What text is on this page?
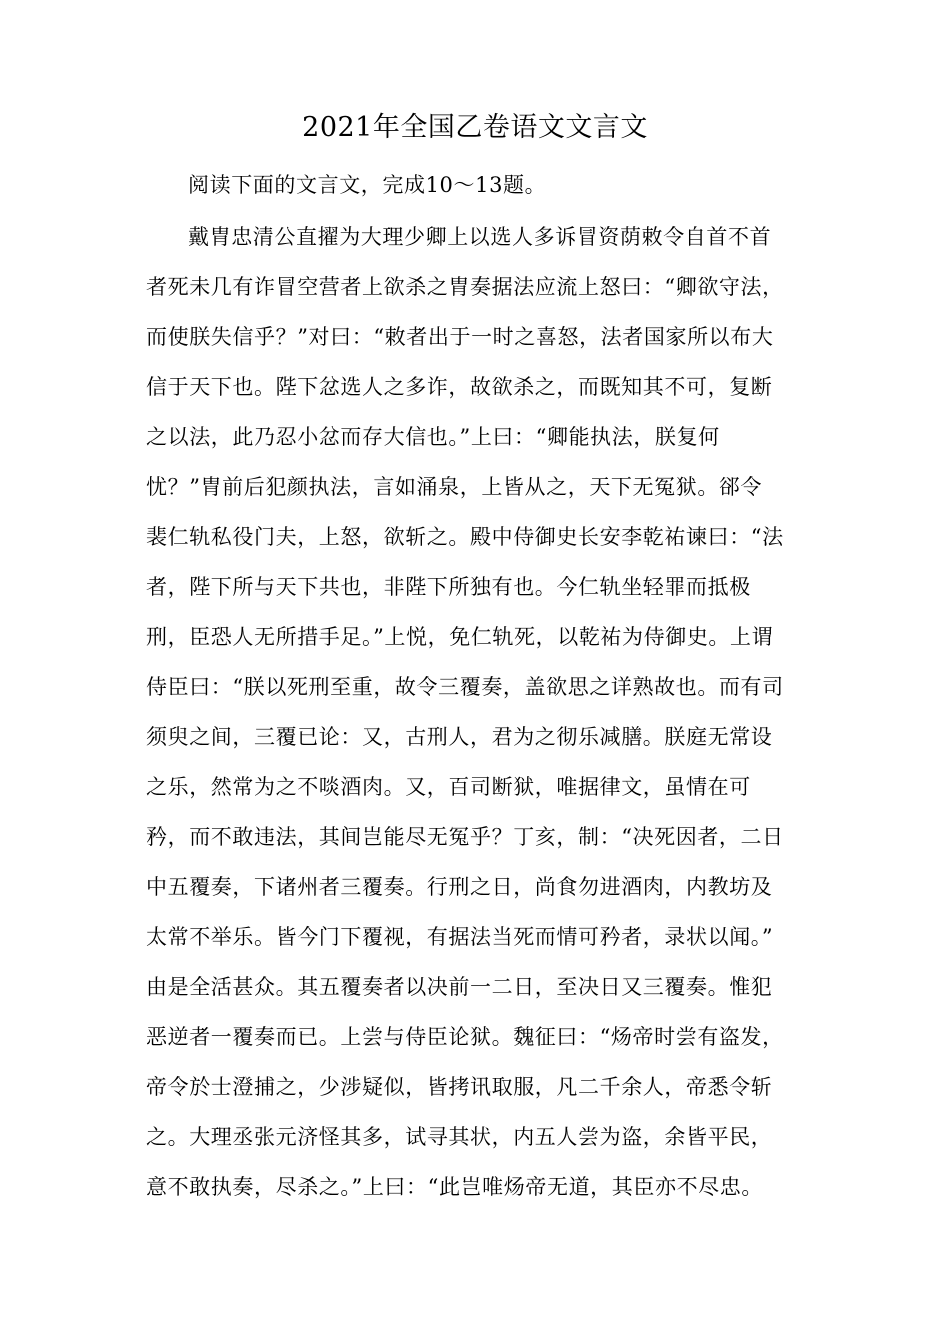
2021年全国乙卷语文文言文
阅读下面的文言文，完成10～13题。
戴胄忠清公直擢为大理少卿上以选人多诉冒资荫敕令自首不首
者死未几有诈冒空营者上欲杀之胄奏据法应流上怒曰：“卿欲守法，
而使朕失信乎？”对曰：“敕者出于一时之喜怒，法者国家所以布大
信于天下也。陛下忿选人之多诈，故欲杀之，而既知其不可，复断
之以法，此乃忍小忿而存大信也。”上曰：“卿能执法，朕复何
忧？”胄前后犯颜执法，言如涌泉，上皆从之，天下无冤狱。郤令
裴仁轨私役门夫，上怒，欲斩之。殿中侍御史长安李乾祐谏曰：“法
者，陛下所与天下共也，非陛下所独有也。今仁轨坐轻罪而抵极
刑，臣恐人无所措手足。”上悦，免仁轨死，以乾祐为侍御史。上谓
侍臣曰：“朕以死刑至重，故令三覆奏，盖欲思之详熟故也。而有司
须臾之间，三覆已论：又，古刑人，君为之彻乐减膳。朕庭无常设
之乐，然常为之不啖酒肉。又，百司断狱，唯据律文，虽情在可
矜，而不敢违法，其间岂能尽无冤乎？丁亥，制：“决死因者，二日
中五覆奏，下诸州者三覆奏。行刑之日，尚食勿进酒肉，内教坊及
太常不举乐。皆今门下覆视，有据法当死而情可矜者，录状以闻。”
由是全活甚众。其五覆奏者以决前一二日，至决日又三覆奏。惟犯
恶逆者一覆奏而已。上尝与侍臣论狱。魏征曰：“炀帝时尝有盗发，
帝令於士澄捕之，少涉疑似，皆拷讯取服，凡二千余人，帝悉令斩
之。大理丞张元济怪其多，试寻其状，内五人尝为盗，余皆平民，
意不敢执奏，尽杀之。”上曰：“此岂唯炀帝无道，其臣亦不尽忠。
